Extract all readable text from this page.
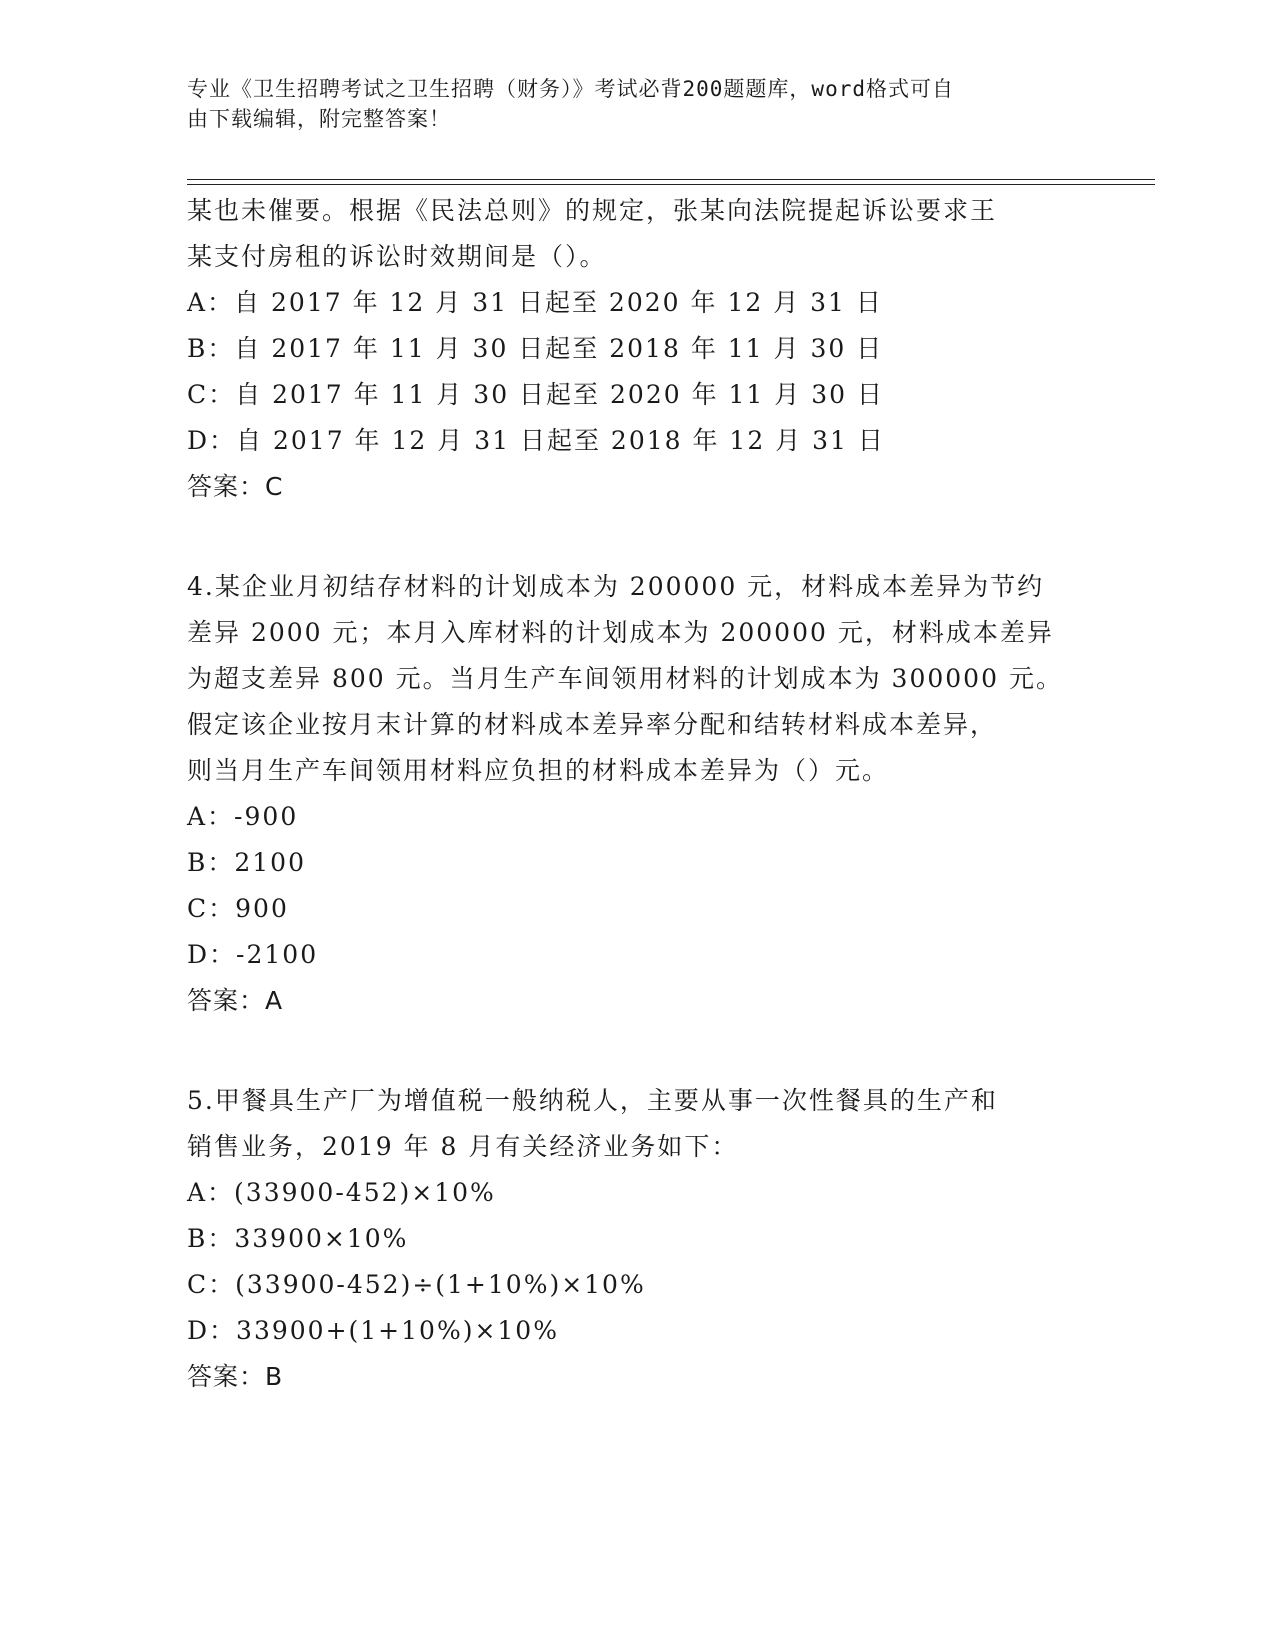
专业《卫生招聘考试之卫生招聘（财务）》考试必背200题题库，word格式可自
由下载编辑，附完整答案！
某也未催要。根据《民法总则》的规定，张某向法院提起诉讼要求王
某支付房租的诉讼时效期间是（）。
A：自 2017 年 12 月 31 日起至 2020 年 12 月 31 日
B：自 2017 年 11 月 30 日起至 2018 年 11 月 30 日
C：自 2017 年 11 月 30 日起至 2020 年 11 月 30 日
D：自 2017 年 12 月 31 日起至 2018 年 12 月 31 日
答案：C
4.某企业月初结存材料的计划成本为 200000 元，材料成本差异为节约
差异 2000 元；本月入库材料的计划成本为 200000 元，材料成本差异
为超支差异 800 元。当月生产车间领用材料的计划成本为 300000 元。
假定该企业按月末计算的材料成本差异率分配和结转材料成本差异，
则当月生产车间领用材料应负担的材料成本差异为（）元。
A：-900
B：2100
C：900
D：-2100
答案：A
5.甲餐具生产厂为增值税一般纳税人，主要从事一次性餐具的生产和
销售业务，2019 年 8 月有关经济业务如下：
A：(33900-452)×10%
B：33900×10%
C：(33900-452)÷(1+10%)×10%
D：33900+(1+10%)×10%
答案：B
